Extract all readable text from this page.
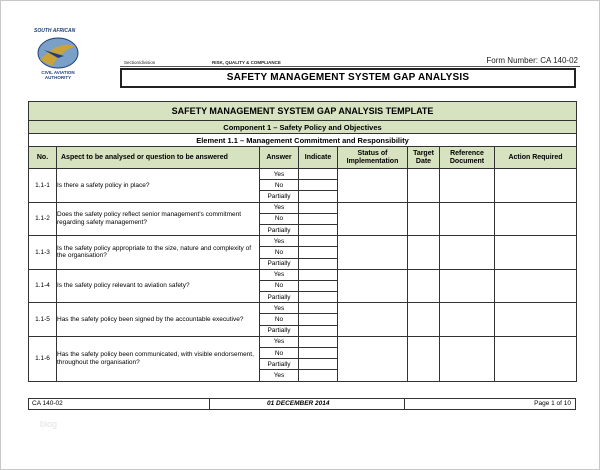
SOUTH AFRICAN
CIVIL AVIATION
AUTHORITY
Section/division	RISK, QUALITY & COMPLIANCE	Form Number: CA 140-02
SAFETY MANAGEMENT SYSTEM GAP ANALYSIS
SAFETY MANAGEMENT SYSTEM GAP ANALYSIS TEMPLATE							
Component 1 – Safety Policy and Objectives							
Element 1.1 – Management Commitment and Responsibility							
No.	Aspect to be analysed or question to be answered	Answer	Indicate	Status of Implementation	Target Date	Reference Document	Action Required
1.1-1	Is there a safety policy in place?	Yes					
		No					
		Partially					
1.1-2	Does the safety policy reflect senior management's commitment regarding safety management?	Yes					
		No					
		Partially					
1.1-3	Is the safety policy appropriate to the size, nature and complexity of the organisation?	Yes					
		No					
		Partially					
1.1-4	Is the safety policy relevant to aviation safety?	Yes					
		No					
		Partially					
1.1-5	Has the safety policy been signed by the accountable executive?	Yes					
		No					
		Partially					
1.1-6	Has the safety policy been communicated, with visible endorsement, throughout the organisation?	Yes					
		No					
		Partially					
		Yes					
CA 140-02	01 DECEMBER 2014	Page 1 of 10
blog
